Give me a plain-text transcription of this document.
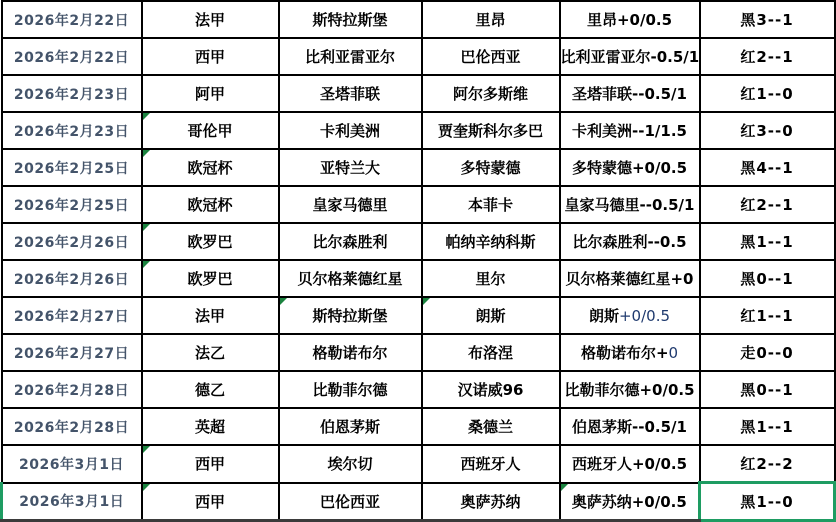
2026年2月22日	法甲	斯特拉斯堡	里昂	里昂+0/0.5	黑3--1
2026年2月22日	西甲	比利亚雷亚尔	巴伦西亚	比利亚雷亚尔-0.5/1	红2--1
2026年2月23日	阿甲	圣塔菲联	阿尔多斯维	圣塔菲联--0.5/1	红1--0
2026年2月23日	哥伦甲	卡利美洲	贾奎斯科尔多巴	卡利美洲--1/1.5	红3--0
2026年2月25日	欧冠杯	亚特兰大	多特蒙德	多特蒙德+0/0.5	黑4--1
2026年2月25日	欧冠杯	皇家马德里	本菲卡	皇家马德里--0.5/1	红2--1
2026年2月26日	欧罗巴	比尔森胜利	帕纳辛纳科斯	比尔森胜利--0.5	黑1--1
2026年2月26日	欧罗巴	贝尔格莱德红星	里尔	贝尔格莱德红星+0	黑0--1
2026年2月27日	法甲	斯特拉斯堡	朗斯	朗斯+0/0.5	红1--1
2026年2月27日	法乙	格勒诺布尔	布洛涅	格勒诺布尔+0	走0--0
2026年2月28日	德乙	比勒菲尔德	汉诺威96	比勒菲尔德+0/0.5	黑0--1
2026年2月28日	英超	伯恩茅斯	桑德兰	伯恩茅斯--0.5/1	黑1--1
2026年3月1日	西甲	埃尔切	西班牙人	西班牙人+0/0.5	红2--2
2026年3月1日	西甲	巴伦西亚	奥萨苏纳	奥萨苏纳+0/0.5	黑1--0
